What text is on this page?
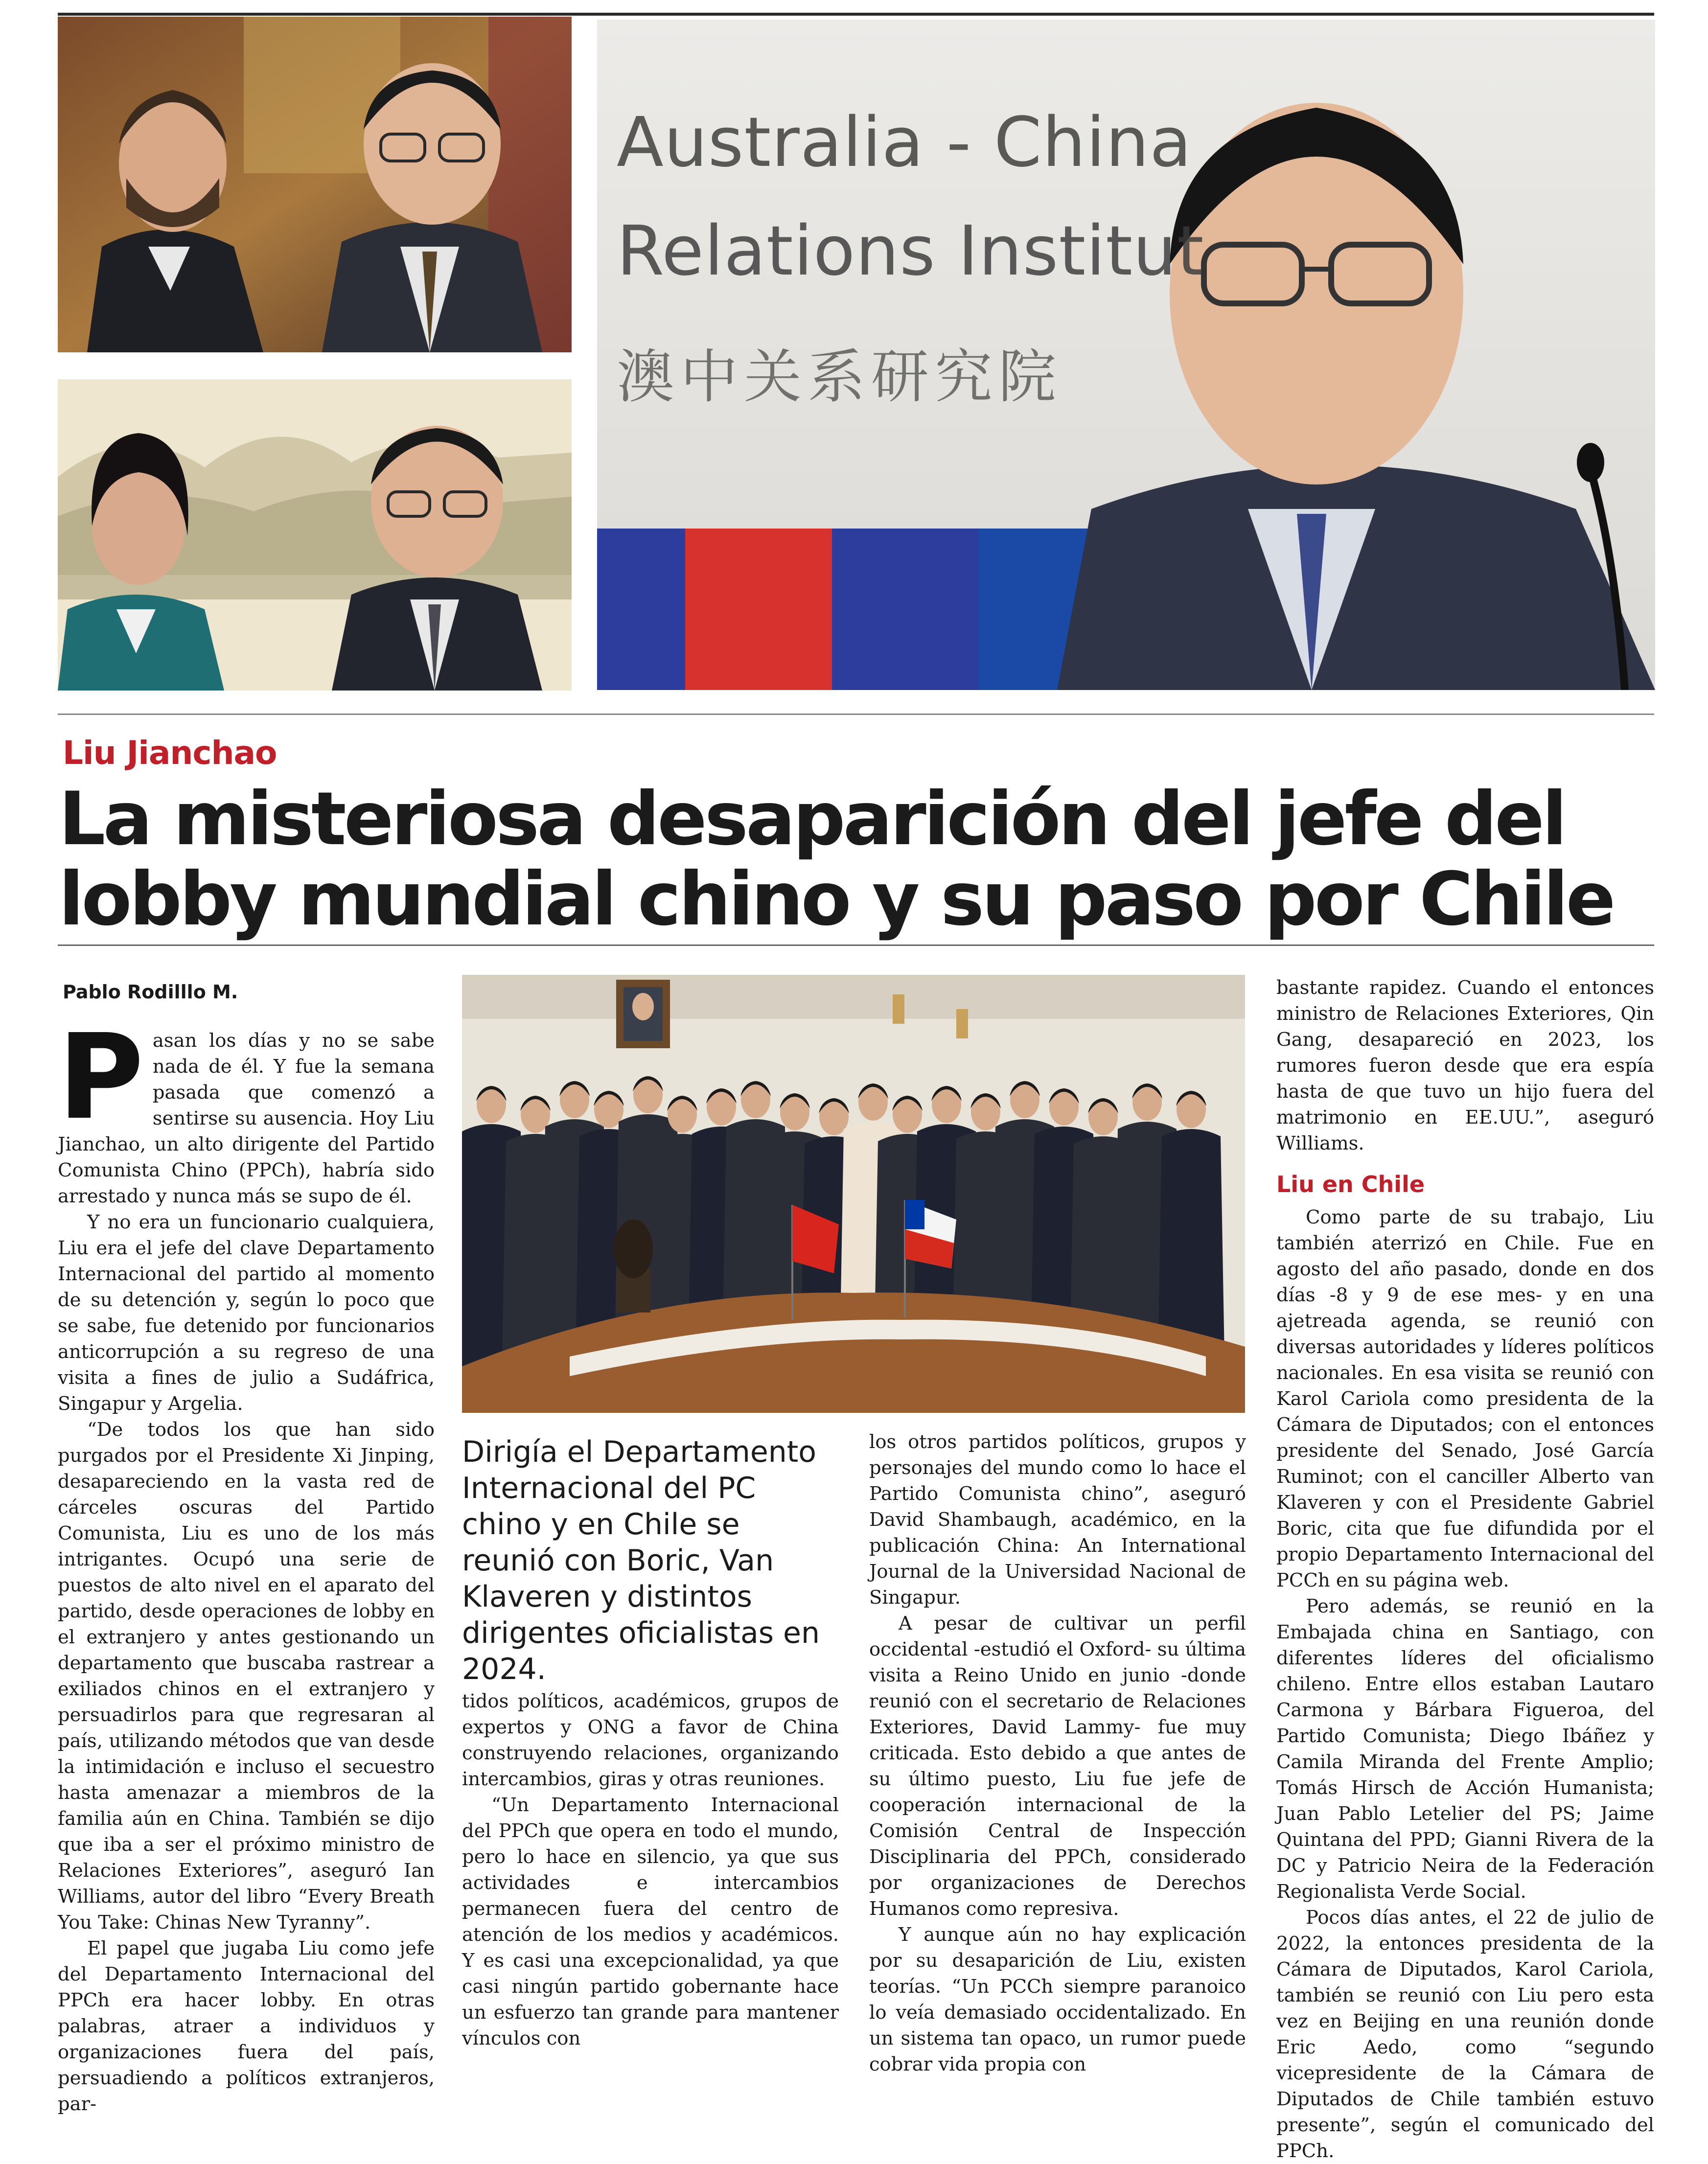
Australia - China
Relations Institut
澳中关系研究院
Liu Jianchao
La misteriosa desaparición del jefe del lobby mundial chino y su paso por Chile
Pablo Rodilllo M.

Pasan los días y no se sabe nada de él. Y fue la semana pasada que comenzó a sentirse su ausencia. Hoy Liu Jianchao, un alto dirigente del Partido Comunista Chino (PPCh), habría sido arrestado y nunca más se supo de él.

Y no era un funcionario cualquiera, Liu era el jefe del clave Departamento Internacional del partido al momento de su detención y, según lo poco que se sabe, fue detenido por funcionarios anticorrupción a su regreso de una visita a fines de julio a Sudáfrica, Singapur y Argelia.

“De todos los que han sido purgados por el Presidente Xi Jinping, desapareciendo en la vasta red de cárceles oscuras del Partido Comunista, Liu es uno de los más intrigantes. Ocupó una serie de puestos de alto nivel en el aparato del partido, desde operaciones de lobby en el extranjero y antes gestionando un departamento que buscaba rastrear a exiliados chinos en el extranjero y persuadirlos para que regresaran al país, utilizando métodos que van desde la intimidación e incluso el secuestro hasta amenazar a miembros de la familia aún en China. También se dijo que iba a ser el próximo ministro de Relaciones Exteriores”, aseguró Ian Williams, autor del libro “Every Breath You Take: Chinas New Tyranny”.

El papel que jugaba Liu como jefe del Departamento Internacional del PPCh era hacer lobby. En otras palabras, atraer a individuos y organizaciones fuera del país, persuadiendo a políticos extranjeros, par-

Dirigía el Departamento Internacional del PC chino y en Chile se reunió con Boric, Van Klaveren y distintos dirigentes oficialistas en 2024.

tidos políticos, académicos, grupos de expertos y ONG a favor de China construyendo relaciones, organizando intercambios, giras y otras reuniones.

“Un Departamento Internacional del PPCh que opera en todo el mundo, pero lo hace en silencio, ya que sus actividades e intercambios permanecen fuera del centro de atención de los medios y académicos. Y es casi una excepcionalidad, ya que casi ningún partido gobernante hace un esfuerzo tan grande para mantener vínculos con

los otros partidos políticos, grupos y personajes del mundo como lo hace el Partido Comunista chino”, aseguró David Shambaugh, académico, en la publicación China: An International Journal de la Universidad Nacional de Singapur.

A pesar de cultivar un perfil occidental -estudió el Oxford- su última visita a Reino Unido en junio -donde reunió con el secretario de Relaciones Exteriores, David Lammy- fue muy criticada. Esto debido a que antes de su último puesto, Liu fue jefe de cooperación internacional de la Comisión Central de Inspección Disciplinaria del PPCh, considerado por organizaciones de Derechos Humanos como represiva.

Y aunque aún no hay explicación por su desaparición de Liu, existen teorías. “Un PCCh siempre paranoico lo veía demasiado occidentalizado. En un sistema tan opaco, un rumor puede cobrar vida propia con

bastante rapidez. Cuando el entonces ministro de Relaciones Exteriores, Qin Gang, desapareció en 2023, los rumores fueron desde que era espía hasta de que tuvo un hijo fuera del matrimonio en EE.UU.”, aseguró Williams.

Liu en Chile

Como parte de su trabajo, Liu también aterrizó en Chile. Fue en agosto del año pasado, donde en dos días -8 y 9 de ese mes- y en una ajetreada agenda, se reunió con diversas autoridades y líderes políticos nacionales. En esa visita se reunió con Karol Cariola como presidenta de la Cámara de Diputados; con el entonces presidente del Senado, José García Ruminot; con el canciller Alberto van Klaveren y con el Presidente Gabriel Boric, cita que fue difundida por el propio Departamento Internacional del PCCh en su página web.

Pero además, se reunió en la Embajada china en Santiago, con diferentes líderes del oficialismo chileno. Entre ellos estaban Lautaro Carmona y Bárbara Figueroa, del Partido Comunista; Diego Ibáñez y Camila Miranda del Frente Amplio; Tomás Hirsch de Acción Humanista; Juan Pablo Letelier del PS; Jaime Quintana del PPD; Gianni Rivera de la DC y Patricio Neira de la Federación Regionalista Verde Social.

Pocos días antes, el 22 de julio de 2022, la entonces presidenta de la Cámara de Diputados, Karol Cariola, también se reunió con Liu pero esta vez en Beijing en una reunión donde Eric Aedo, como “segundo vicepresidente de la Cámara de Diputados de Chile también estuvo presente”, según el comunicado del PPCh.
